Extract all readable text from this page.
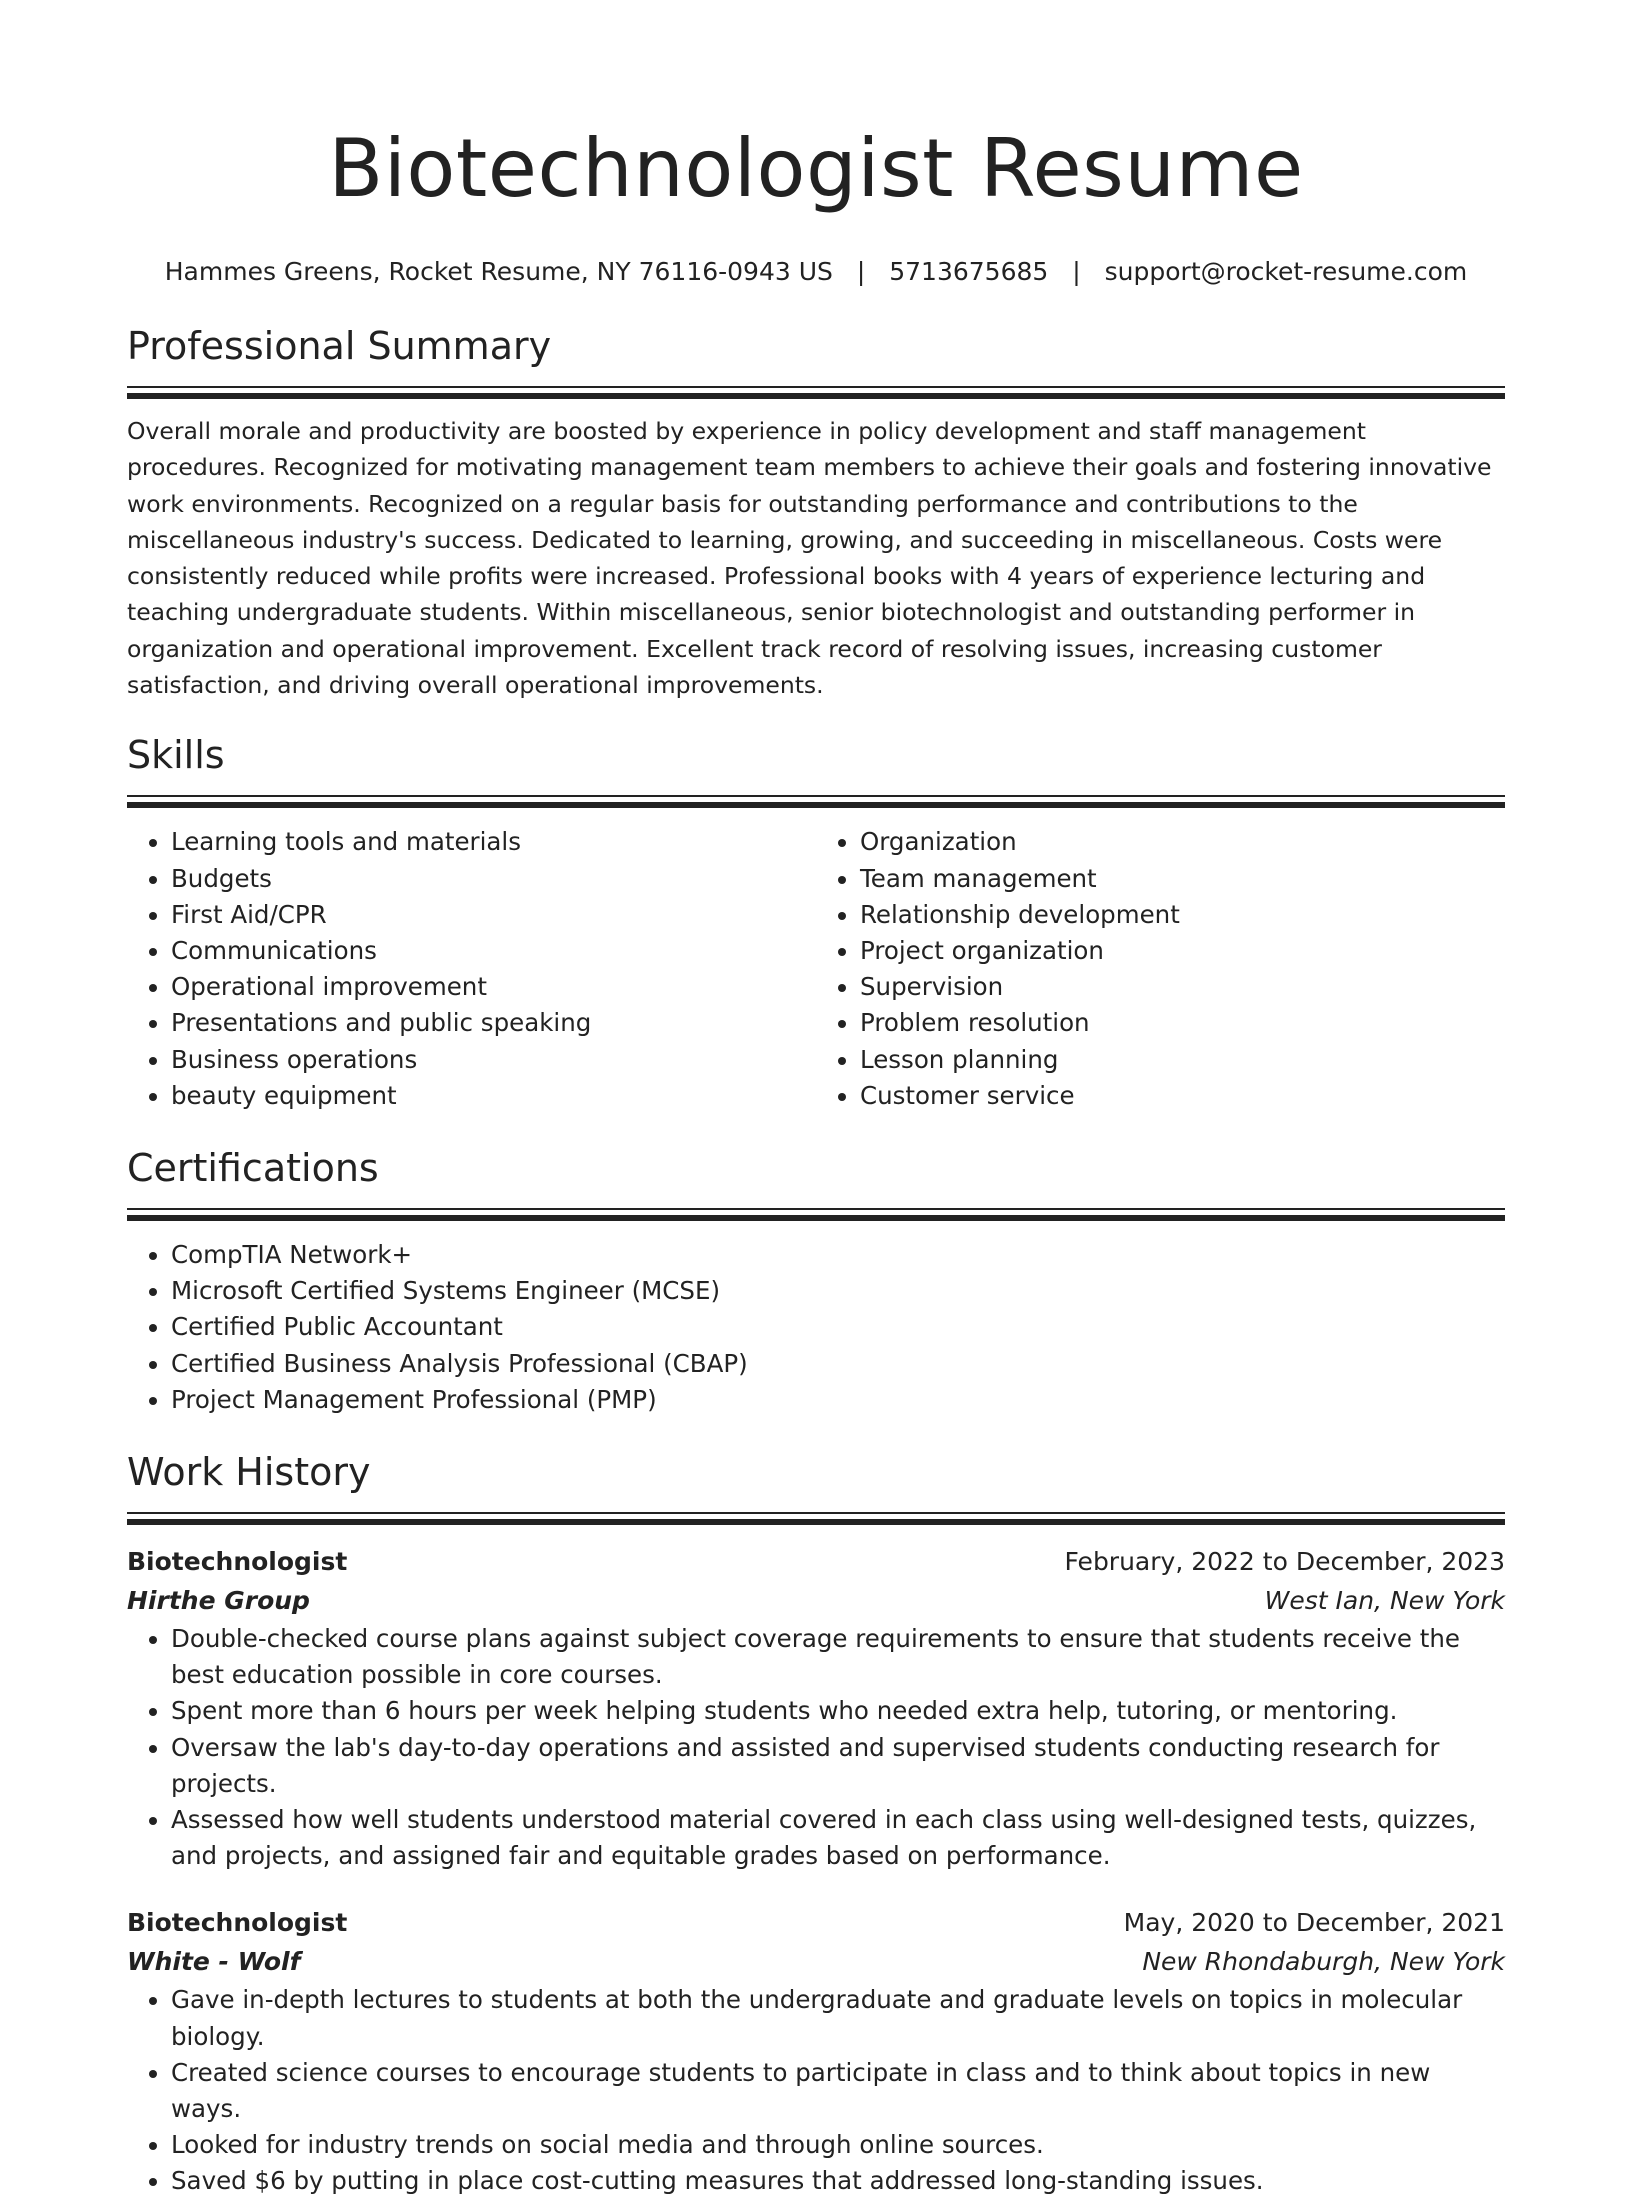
Biotechnologist Resume
Hammes Greens, Rocket Resume, NY 76116-0943 US | 5713675685 | support@rocket-resume.com
Professional Summary

Overall morale and productivity are boosted by experience in policy development and staff management procedures. Recognized for motivating management team members to achieve their goals and fostering innovative work environments. Recognized on a regular basis for outstanding performance and contributions to the miscellaneous industry's success. Dedicated to learning, growing, and succeeding in miscellaneous. Costs were consistently reduced while profits were increased. Professional books with 4 years of experience lecturing and teaching undergraduate students. Within miscellaneous, senior biotechnologist and outstanding performer in organization and operational improvement. Excellent track record of resolving issues, increasing customer satisfaction, and driving overall operational improvements.

Skills
• Learning tools and materials
• Budgets
• First Aid/CPR
• Communications
• Operational improvement
• Presentations and public speaking
• Business operations
• beauty equipment
• Organization
• Team management
• Relationship development
• Project organization
• Supervision
• Problem resolution
• Lesson planning
• Customer service
Certifications
• CompTIA Network+
• Microsoft Certified Systems Engineer (MCSE)
• Certified Public Accountant
• Certified Business Analysis Professional (CBAP)
• Project Management Professional (PMP)
Work History
Biotechnologist	February, 2022 to December, 2023
Hirthe Group	West Ian, New York
• Double-checked course plans against subject coverage requirements to ensure that students receive the best education possible in core courses.
• Spent more than 6 hours per week helping students who needed extra help, tutoring, or mentoring.
• Oversaw the lab's day-to-day operations and assisted and supervised students conducting research for projects.
• Assessed how well students understood material covered in each class using well-designed tests, quizzes, and projects, and assigned fair and equitable grades based on performance.
Biotechnologist	May, 2020 to December, 2021
White - Wolf	New Rhondaburgh, New York
• Gave in-depth lectures to students at both the undergraduate and graduate levels on topics in molecular biology.
• Created science courses to encourage students to participate in class and to think about topics in new ways.
• Looked for industry trends on social media and through online sources.
• Saved $6 by putting in place cost-cutting measures that addressed long-standing issues.
